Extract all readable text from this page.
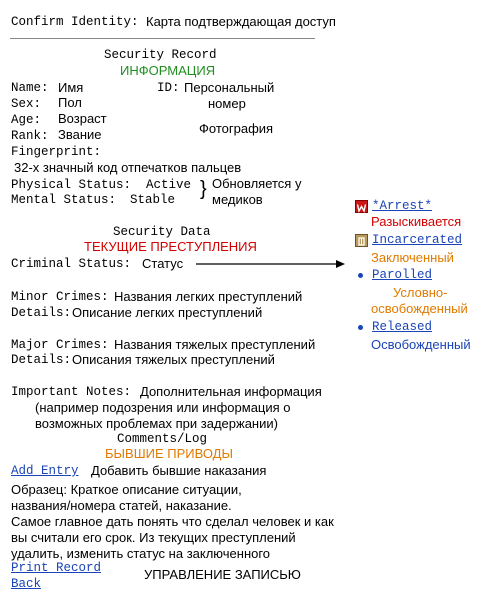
Confirm Identity: Карта подтверждающая доступ
Security Record
ИНФОРМАЦИЯ
Name: Имя	ID: Персональный
номер
Sex: Пол
Age: Возраст
Rank: Звание	Фотография
Fingerprint:
32-х значный код отпечатков пальцев
Physical Status: Active
Mental Status: Stable } Обновляется у
медиков
Security Data
ТЕКУЩИЕ ПРЕСТУПЛЕНИЯ
Criminal Status: Статус
Minor Crimes: Названия легких преступлений
Details: Описание легких преступлений
Major Crimes: Названия тяжелых преступлений
Details: Описания тяжелых преступлений
Important Notes: Дополнительная информация
(например подозрения или информация о
возможных проблемах при задержании)
Comments/Log
БЫВШИЕ ПРИВОДЫ
Add Entry Добавить бывшие наказания
Образец: Краткое описание ситуации,
названия/номера статей, наказание.
Самое главное дать понять что сделал человек и как
вы считали его срок. Из текущих преступлений
удалить, изменить статус на заключенного
Print Record
Back
УПРАВЛЕНИЕ ЗАПИСЬЮ
*Arrest*
Разыскивается
Incarcerated
Заключенный
Parolled
Условно-
освобожденный
Released
Освобожденный
